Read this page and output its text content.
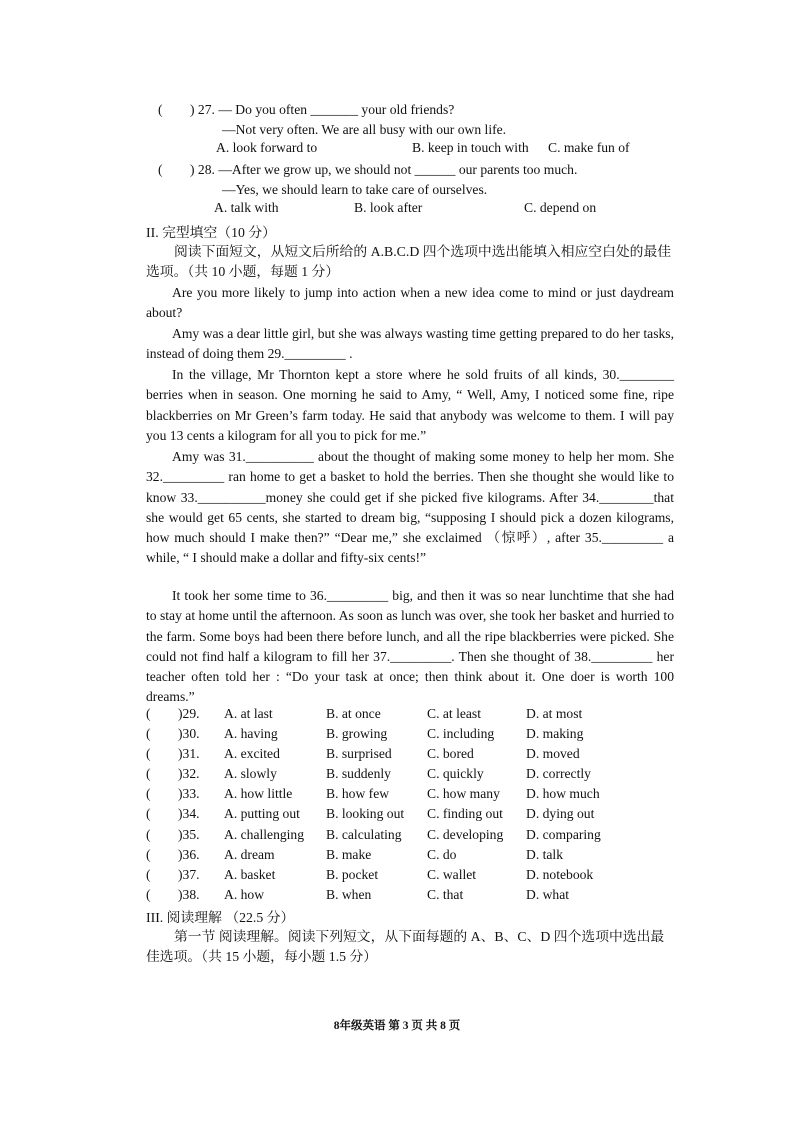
( ) 27. — Do you often _______ your old friends?
—Not very often. We are all busy with our own life.
A. look forward to	B. keep in touch with C. make fun of
( ) 28. —After we grow up, we should not ______ our parents too much.
—Yes, we should learn to take care of ourselves.
A. talk with	B. look after	C. depend on
II. 完型填空（10 分）
阅读下面短文，从短文后所给的 A.B.C.D 四个选项中选出能填入相应空白处的最佳选项。（共 10 小题，每题 1 分）
Are you more likely to jump into action when a new idea come to mind or just daydream about?
Amy was a dear little girl, but she was always wasting time getting prepared to do her tasks, instead of doing them 29._________ .
In the village, Mr Thornton kept a store where he sold fruits of all kinds, 30.________ berries when in season. One morning he said to Amy, “ Well, Amy, I noticed some fine, ripe blackberries on Mr Green’s farm today. He said that anybody was welcome to them. I will pay you 13 cents a kilogram for all you to pick for me.”
Amy was 31.__________ about the thought of making some money to help her mom. She 32._________ ran home to get a basket to hold the berries. Then she thought she would like to know 33.__________money she could get if she picked five kilograms. After 34.________that she would get 65 cents, she started to dream big, “supposing I should pick a dozen kilograms, how much should I make then?” “Dear me,” she exclaimed （惊呼）, after 35._________ a while, “ I should make a dollar and fifty-six cents!”
It took her some time to 36._________ big, and then it was so near lunchtime that she had to stay at home until the afternoon. As soon as lunch was over, she took her basket and hurried to the farm. Some boys had been there before lunch, and all the ripe blackberries were picked. She could not find half a kilogram to fill her 37._________. Then she thought of 38._________ her teacher often told her : “Do your task at once; then think about it. One doer is worth 100 dreams.”
( )29. A. at last	B. at once	C. at least	D. at most
( )30. A. having	B. growing	C. including D. making
( )31. A. excited	B. surprised	C. bored	D. moved
( )32. A. slowly	B. suddenly	C. quickly	D. correctly
( )33. A. how little B. how few	C. how many D. how much
( )34. A. putting out B. looking out C. finding out D. dying out
( )35. A. challenging B. calculating C. developing D. comparing
( )36. A. dream	B. make	C. do	D. talk
( )37. A. basket	B. pocket	C. wallet	D. notebook
( )38. A. how	B. when	C. that	D. what
III. 阅读理解 （22.5 分）
第一节 阅读理解。阅读下列短文，从下面每题的 A、B、C、D 四个选项中选出最佳选项。（共 15 小题，每小题 1.5 分）
8年级英语 第 3 页 共 8 页
